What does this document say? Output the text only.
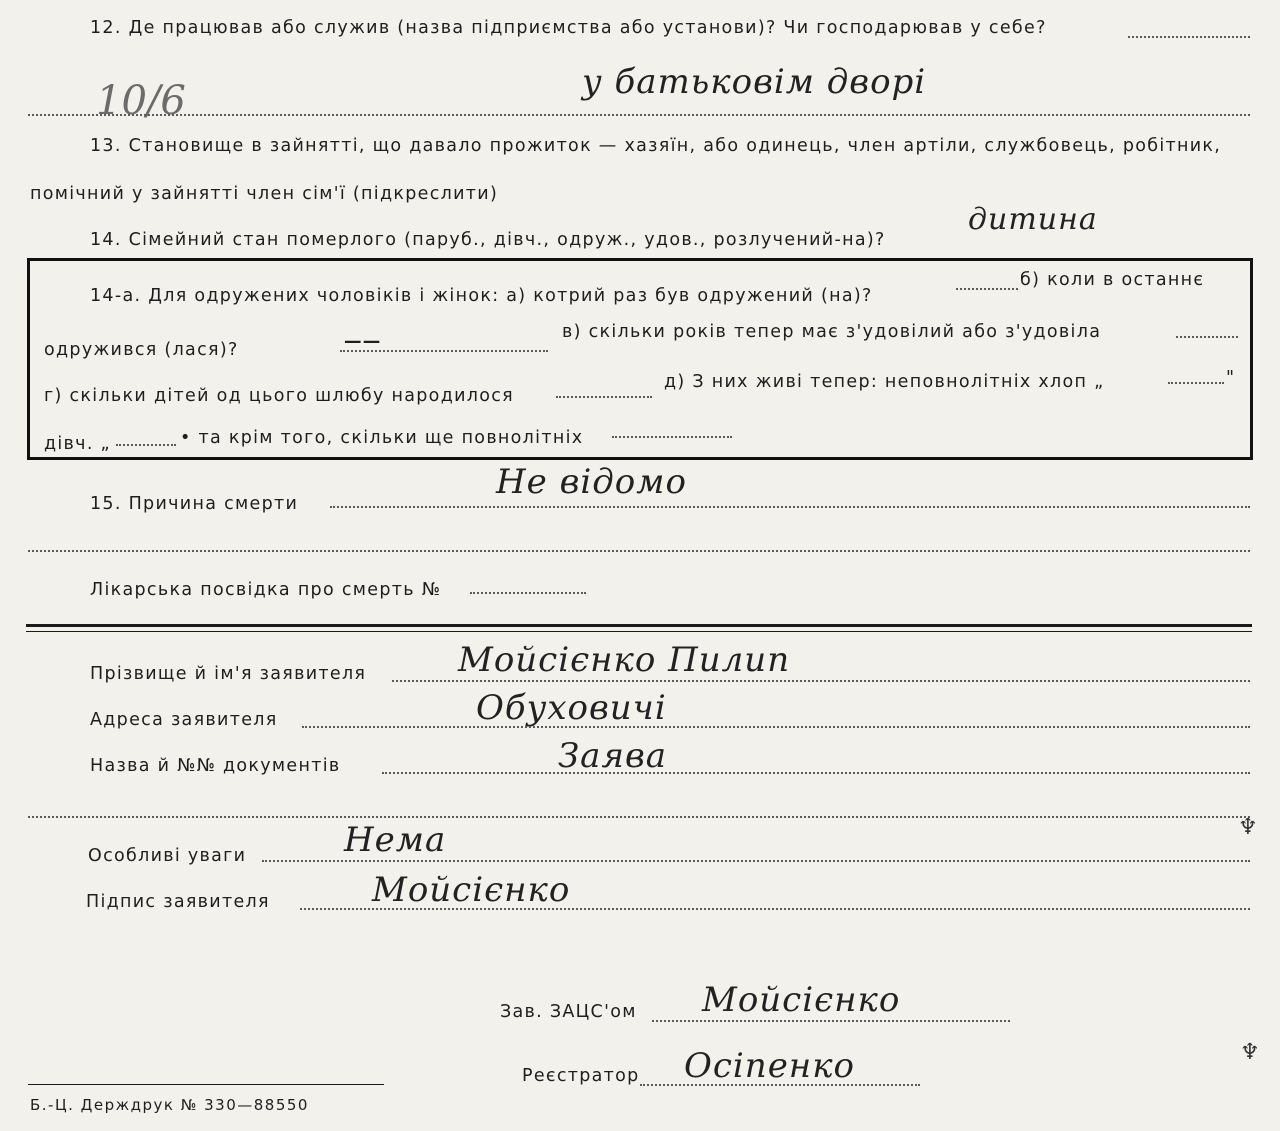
12. Де працював або служив (назва підприємства або установи)? Чи господарював у себе?
10/6	у батьковім дворі
13. Становище в зайнятті, що давало прожиток — хазяїн, або одинець, член артіли, службовець, робітник,
помічний у зайнятті член сім'ї (підкреслити)
14. Сімейний стан померлого (паруб., дівч., одруж., удов., розлучений-на)?
дитина
14-а. Для одружених чоловіків і жінок: а) котрий раз був одружений (на)?
б) коли в останнє
одружився (лася)?	——	в) скільки років тепер має з'удовілий або з'удовіла
г) скільки дітей од цього шлюбу народилося
д) З них живі тепер: неповнолітніх хлоп „	"
дівч. „	• та крім того, скільки ще повнолітніх
15. Причина смерти
Не відомо
Лікарська посвідка про смерть №
Прізвище й ім'я заявителя	Мойсієнко Пилип
Адреса заявителя	Обуховичі
Назва й №№ документів	Заява
Особливі уваги	Нема
Підпис заявителя	Мойсієнко
♆
♆
Зав. ЗАЦС'ом Мойсієнко
Реєстратор Осіпенко
Б.-Ц. Держдрук № 330—88550
